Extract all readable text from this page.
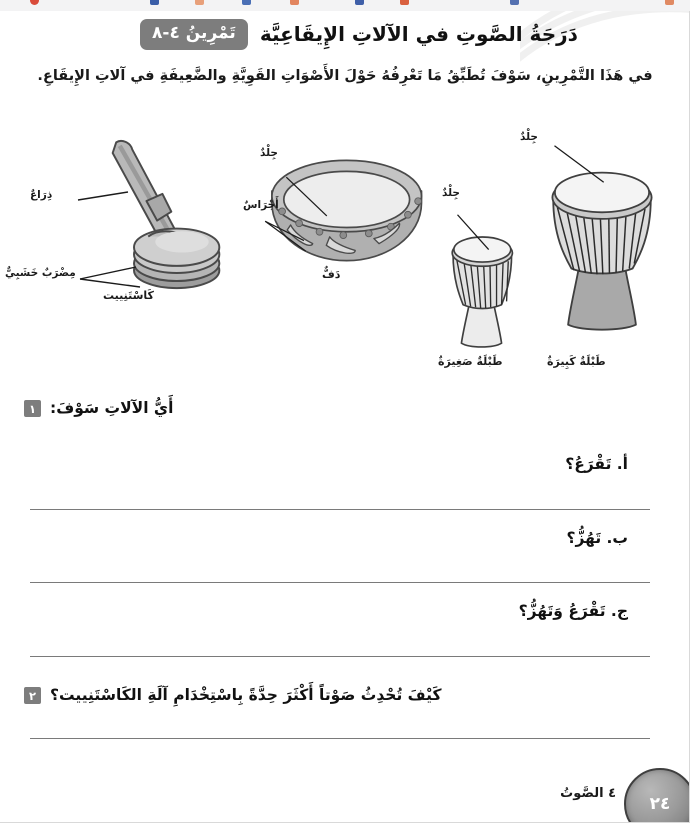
تَمْرِينُ ٤-٨	دَرَجَةُ الصَّوتِ في الآلاتِ الإِيقَاعِيَّة
في هَذَا التَّمْرِينِ، سَوْفَ تُطَبِّقُ مَا تَعْرِفُهُ حَوْلَ الأَصْوَاتِ القَوِيَّةِ والضَّعِيفَةِ في آلاتِ الإِيقَاعِ.
ذِرَاعٌ
مِضْرَبٌ خَشَبِيٌّ
كَاسْتَنِييت
جِلْدٌ
أَجْرَاسٌ
دَفٌّ
جِلْدٌ
طَبْلَةٌ صَغِيرَةٌ
جِلْدٌ
طَبْلَةٌ كَبِيرَةٌ
١ أَيُّ الآلاتِ سَوْفَ:
أ. تَقْرَعُ؟
ب. تَهُزُّ؟
ج. تَقْرَعُ وَتَهُزُّ؟
٢ كَيْفَ تُحْدِثُ صَوْتاً أَكْثَرَ حِدَّةً بِاسْتِخْدَامِ آلَةِ الكَاسْتَنِييت؟
٤ الصَّوتُ
٢٤
